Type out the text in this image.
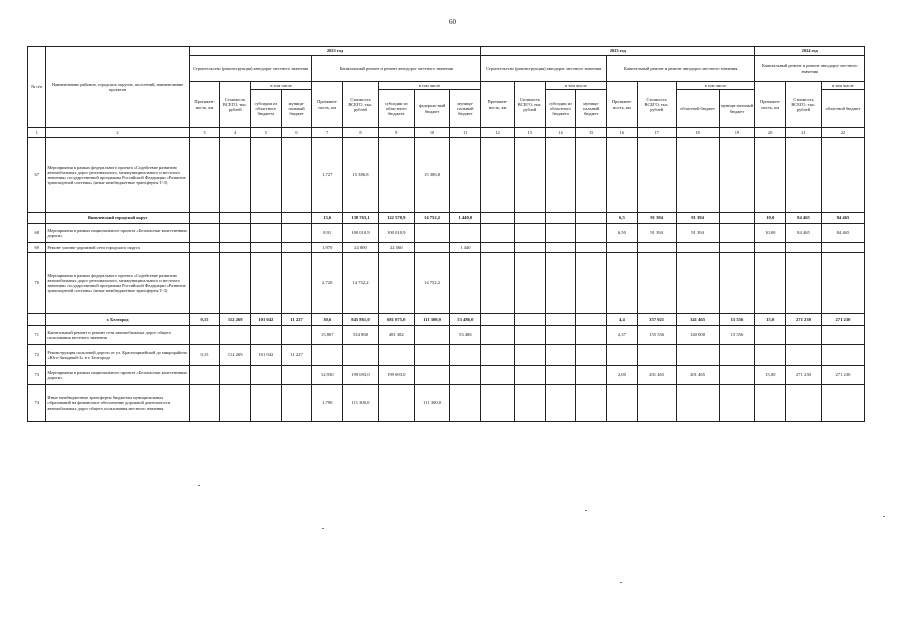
60
№ п/п	Наименование районов, городских округов, поселений, наименование проектов	2023 год									2023 год								2024 год		
		Строительство (реконструкция) автодорог местного значения				Капитальный ремонт и ремонт автодорог местного значения					Строительство (реконструкция) автодорог местного значения				Капитальный ремонт и ремонт автодорог местного значения				Капитальный ремонт и ремонт автодорог местного значения		
		Протяжен-ность, км	Стоимость ВСЕГО, тыс. рублей	в том числе		Протяжен-ность, км	Стоимость ВСЕГО, тыс. рублей	в том числе			Протяжен-ность, км	Стоимость ВСЕГО, тыс. рублей	в том числе		Протяжен-ность, км	Стоимость ВСЕГО, тыс. рублей	в том числе		Протяжен-ность, км	Стоимость ВСЕГО, тыс. рублей	в том числе
				субсидии из областного бюджета	муници-пальный бюджет			субсидии из областного бюджета	федераль-ный бюджет	муници-пальный бюджет			субсидии из областного бюджета	муници-пальный бюджет			областной бюджет	муници-пальный бюджет			областной бюджет
1	2	3	4	5	6	7	8	9	10	11	12	13	14	15	16	17	18	19	20	21	22
67	Мероприятия в рамках федерального проекта «Содействие развитию автомобильных дорог регионального, межмуниципального и местного значения» государственной программы Российской Федерации «Развитие транспортной системы» (иные межбюджетные трансферты Т-3)					1,727	15 386,8		15 386,8												
	Яковлевский городской округ					13,6	138 763,1	122 570,9	14 752,2	1 440,0					6,5	91 394	91 394		10,0	84 465	84 465
68	Мероприятия в рамках национального проекта «Безопасные качественные дороги»					8,91	100 010,9	100 010,9							6,50	91 394	91 394		10,00	84 465	84 465
69	Ремонт улично-дорожной сети городского округа					1,970	24 000	22 560		1 440											
70	Мероприятия в рамках федерального проекта «Содействие развитию автомобильных дорог регионального, межмуниципального и местного значения» государственной программы Российской Федерации «Развитие транспортной системы» (иные межбюджетные трансферты Т-3)					2,720	14 752,2		14 752,2												
	г. Белгород	0,15	112 269	101 042	11 227	30,6	845 861,0	681 075,0	111 300,0	53 486,0					4,4	357 021	341 465	15 556	15,0	271 230	271 230
71	Капитальный ремонт и ремонт сети автомобильных дорог общего пользования местного значения					15,867	534 868	481 382		53 486					2,37	155 556	140 000	15 556			
72	Реконструкция пользовой дороги от ул. Красноармейской до микрорайона «Юго-Западный-2» в г. Белгороде	0,15	112 269	101 042	11 227																
73	Мероприятия в рамках национального проекта «Безопасные качественные дороги»					12,930	199 693,0	199 693,0							2,00	201 465	201 465		15,00	271 230	271 230
74	Иные межбюджетные трансферты бюджетам муниципальных образований на финансовое обеспечение дорожной деятельности автомобильных дорог общего пользования местного значения					1,790	111 300,0		111 300,0												
